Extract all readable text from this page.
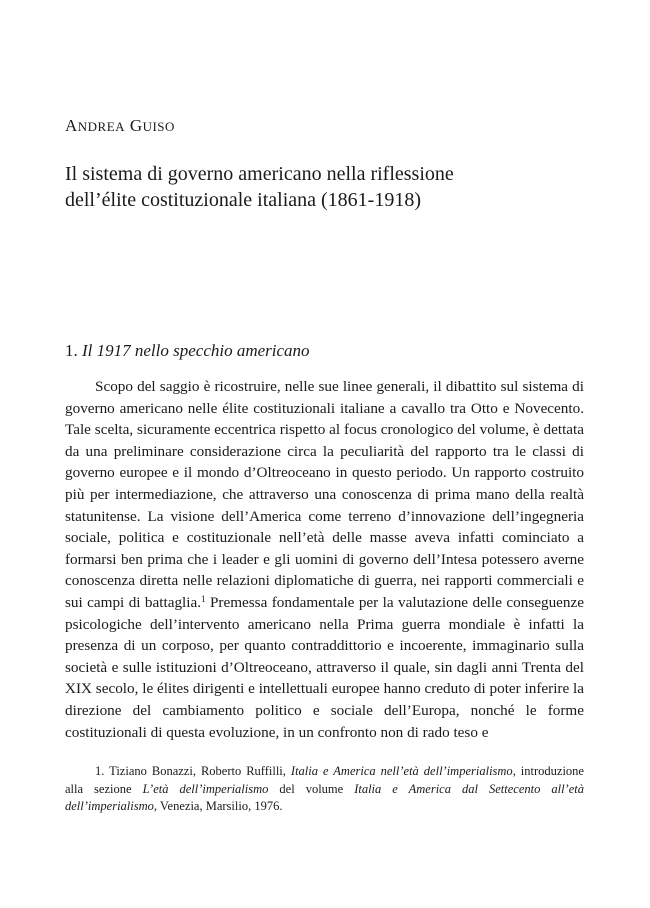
ANDREA GUISO
Il sistema di governo americano nella riflessione
dell’élite costituzionale italiana (1861-1918)
1. Il 1917 nello specchio americano
Scopo del saggio è ricostruire, nelle sue linee generali, il dibattito sul sistema di governo americano nelle élite costituzionali italiane a cavallo tra Otto e Novecento. Tale scelta, sicuramente eccentrica rispetto al focus cronologico del volume, è dettata da una preliminare considerazione circa la peculiarità del rapporto tra le classi di governo europee e il mondo d’Oltreoceano in questo periodo. Un rapporto costruito più per intermediazione, che attraverso una conoscenza di prima mano della realtà statunitense. La visione dell’America come terreno d’innovazione dell’ingegneria sociale, politica e costituzionale nell’età delle masse aveva infatti cominciato a formarsi ben prima che i leader e gli uomini di governo dell’Intesa potessero averne conoscenza diretta nelle relazioni diplomatiche di guerra, nei rapporti commerciali e sui campi di battaglia.$^1$ Premessa fondamentale per la valutazione delle conseguenze psicologiche dell’intervento americano nella Prima guerra mondiale è infatti la presenza di un corposo, per quanto contraddittorio e incoerente, immaginario sulla società e sulle istituzioni d’Oltreoceano, attraverso il quale, sin dagli anni Trenta del XIX secolo, le élites dirigenti e intellettuali europee hanno creduto di poter inferire la direzione del cambiamento politico e sociale dell’Europa, nonché le forme costituzionali di questa evoluzione, in un confronto non di rado teso e
1. Tiziano Bonazzi, Roberto Ruffilli, Italia e America nell’età dell’imperialismo, introduzione alla sezione L’età dell’imperialismo del volume Italia e America dal Settecento all’età dell’imperialismo, Venezia, Marsilio, 1976.
